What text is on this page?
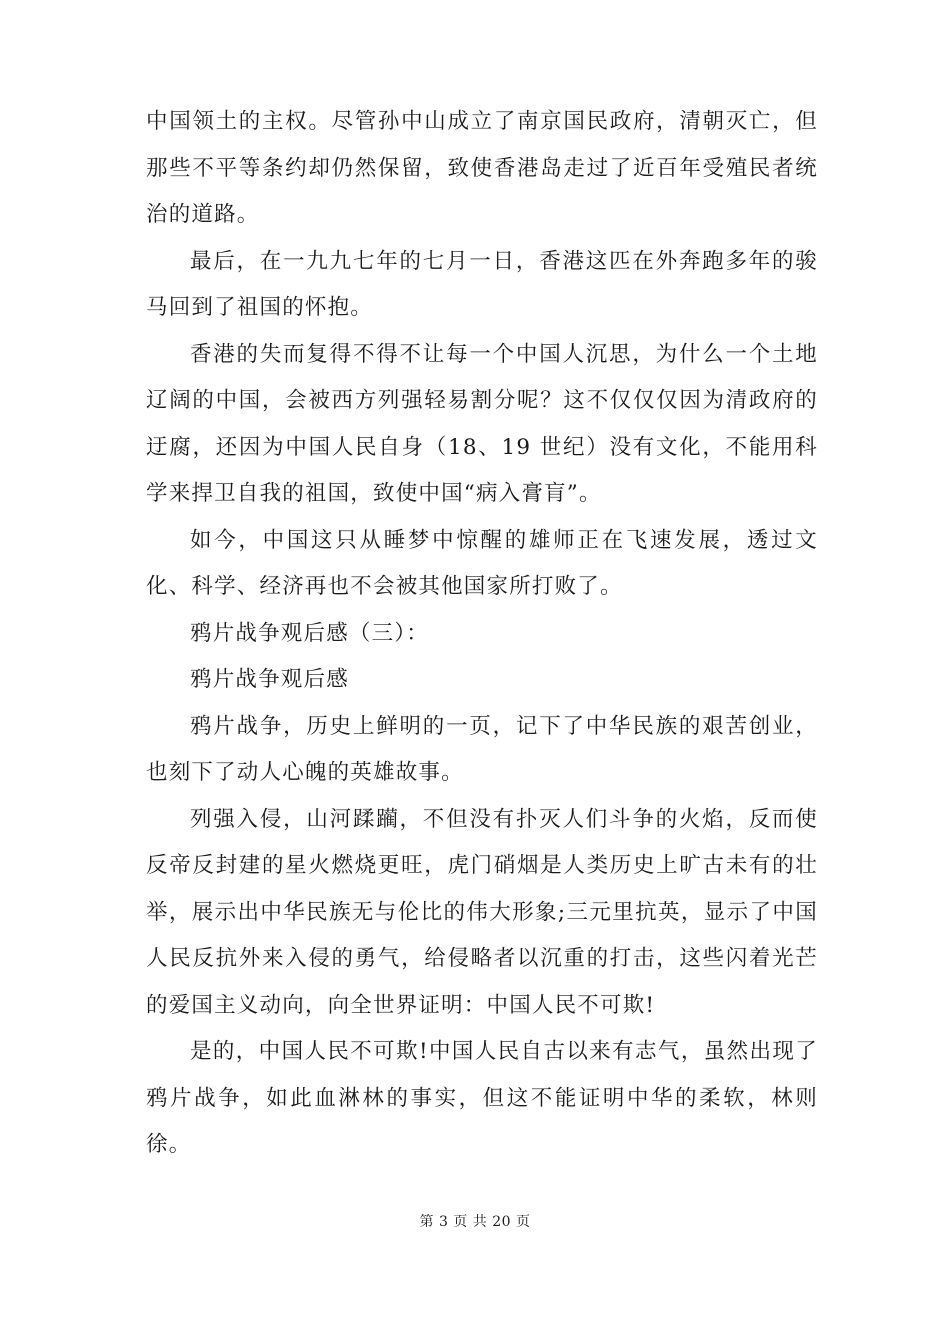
中国领土的主权。尽管孙中山成立了南京国民政府，清朝灭亡，但那些不平等条约却仍然保留，致使香港岛走过了近百年受殖民者统治的道路。

最后，在一九九七年的七月一日，香港这匹在外奔跑多年的骏马回到了祖国的怀抱。

香港的失而复得不得不让每一个中国人沉思，为什么一个土地辽阔的中国，会被西方列强轻易割分呢？这不仅仅仅因为清政府的迂腐，还因为中国人民自身（18、19 世纪）没有文化，不能用科学来捍卫自我的祖国，致使中国“病入膏肓”。

如今，中国这只从睡梦中惊醒的雄师正在飞速发展，透过文化、科学、经济再也不会被其他国家所打败了。

鸦片战争观后感（三）：

鸦片战争观后感

鸦片战争，历史上鲜明的一页，记下了中华民族的艰苦创业，也刻下了动人心魄的英雄故事。

列强入侵，山河蹂躏，不但没有扑灭人们斗争的火焰，反而使反帝反封建的星火燃烧更旺，虎门硝烟是人类历史上旷古未有的壮举，展示出中华民族无与伦比的伟大形象;三元里抗英，显示了中国人民反抗外来入侵的勇气，给侵略者以沉重的打击，这些闪着光芒的爱国主义动向，向全世界证明：中国人民不可欺!

是的，中国人民不可欺!中国人民自古以来有志气，虽然出现了鸦片战争，如此血淋林的事实，但这不能证明中华的柔软，林则徐。

第 3 页 共 20 页
